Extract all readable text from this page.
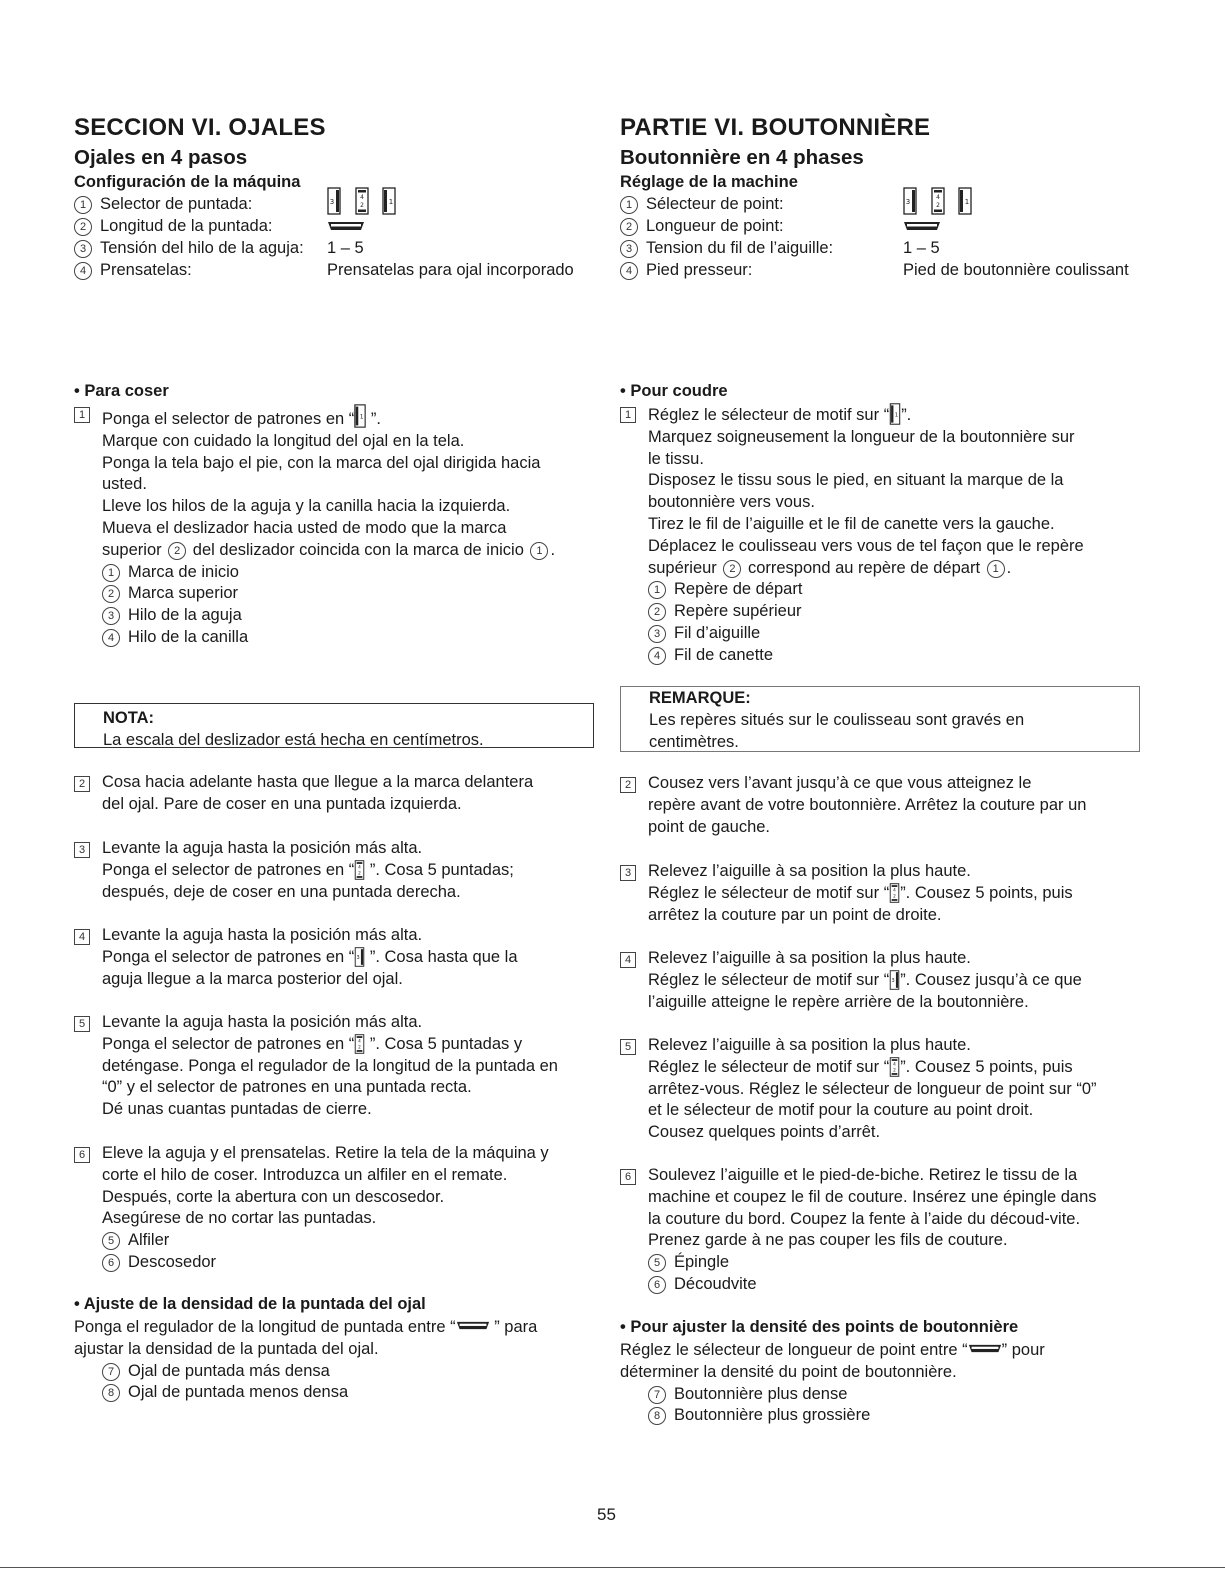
SECCION VI. OJALES
Ojales en 4 pasos
Configuración de la máquina
1 Selector de puntada:
2 Longitud de la puntada:
3 Tensión del hilo de la aguja: 1 – 5
4 Prensatelas:	Prensatelas para ojal incorporado
3

4
2
	1
• Para coser
1 Ponga el selector de patrones en “ 1 ”.
Marque con cuidado la longitud del ojal en la tela.
Ponga la tela bajo el pie, con la marca del ojal dirigida hacia
usted.
Lleve los hilos de la aguja y la canilla hacia la izquierda.
Mueva el deslizador hacia usted de modo que la marca
superior 2 del deslizador coincida con la marca de inicio 1 .
1 Marca de inicio
2 Marca superior
3 Hilo de la aguja
4 Hilo de la canilla
NOTA:
La escala del deslizador está hecha en centímetros.
2 Cosa hacia adelante hasta que llegue a la marca delantera
del ojal. Pare de coser en una puntada izquierda.
3 Levante la aguja hasta la posición más alta.
Ponga el selector de patrones en “ 4
2 ”. Cosa 5 puntadas;
después, deje de coser en una puntada derecha.
4 Levante la aguja hasta la posición más alta.
Ponga el selector de patrones en “ 3 ”. Cosa hasta que la
aguja llegue a la marca posterior del ojal.
5 Levante la aguja hasta la posición más alta.
Ponga el selector de patrones en “ 4
2 ”. Cosa 5 puntadas y
deténgase. Ponga el regulador de la longitud de la puntada en
“0” y el selector de patrones en una puntada recta.
Dé unas cuantas puntadas de cierre.
6 Eleve la aguja y el prensatelas. Retire la tela de la máquina y
corte el hilo de coser. Introduzca un alfiler en el remate.
Después, corte la abertura con un descosedor.
Asegúrese de no cortar las puntadas.
5 Alfiler
6 Descosedor
• Ajuste de la densidad de la puntada del ojal
Ponga el regulador de la longitud de puntada entre “ ” para
ajustar la densidad de la puntada del ojal.
7 Ojal de puntada más densa
8 Ojal de puntada menos densa
PARTIE VI. BOUTONNIÈRE
Boutonnière en 4 phases
Réglage de la machine
1 Sélecteur de point:
2 Longueur de point:
3 Tension du fil de l’aiguille:	1 – 5
4 Pied presseur:	Pied de boutonnière coulissant
3

4
2
	1
• Pour coudre
1 Réglez le sélecteur de motif sur “ 1 ”.
Marquez soigneusement la longueur de la boutonnière sur
le tissu.
Disposez le tissu sous le pied, en situant la marque de la
boutonnière vers vous.
Tirez le fil de l’aiguille et le fil de canette vers la gauche.
Déplacez le coulisseau vers vous de tel façon que le repère
supérieur 2 correspond au repère de départ 1 .
1 Repère de départ
2 Repère supérieur
3 Fil d’aiguille
4 Fil de canette
REMARQUE:
Les repères situés sur le coulisseau sont gravés en
centimètres.
2 Cousez vers l’avant jusqu’à ce que vous atteignez le
repère avant de votre boutonnière. Arrêtez la couture par un
point de gauche.
3 Relevez l’aiguille à sa position la plus haute.
Réglez le sélecteur de motif sur “ 4
2 ”. Cousez 5 points, puis
arrêtez la couture par un point de droite.
4 Relevez l’aiguille à sa position la plus haute.
Réglez le sélecteur de motif sur “ 3 ”. Cousez jusqu’à ce que
l’aiguille atteigne le repère arrière de la boutonnière.
5 Relevez l’aiguille à sa position la plus haute.
Réglez le sélecteur de motif sur “ 4
2 ”. Cousez 5 points, puis
arrêtez-vous. Réglez le sélecteur de longueur de point sur “0”
et le sélecteur de motif pour la couture au point droit.
Cousez quelques points d’arrêt.
6 Soulevez l’aiguille et le pied-de-biche. Retirez le tissu de la
machine et coupez le fil de couture. Insérez une épingle dans
la couture du bord. Coupez la fente à l’aide du découd-vite.
Prenez garde à ne pas couper les fils de couture.
5 Épingle
6 Découdvite
• Pour ajuster la densité des points de boutonnière
Réglez le sélecteur de longueur de point entre “ ” pour
déterminer la densité du point de boutonnière.
7 Boutonnière plus dense
8 Boutonnière plus grossière
55
